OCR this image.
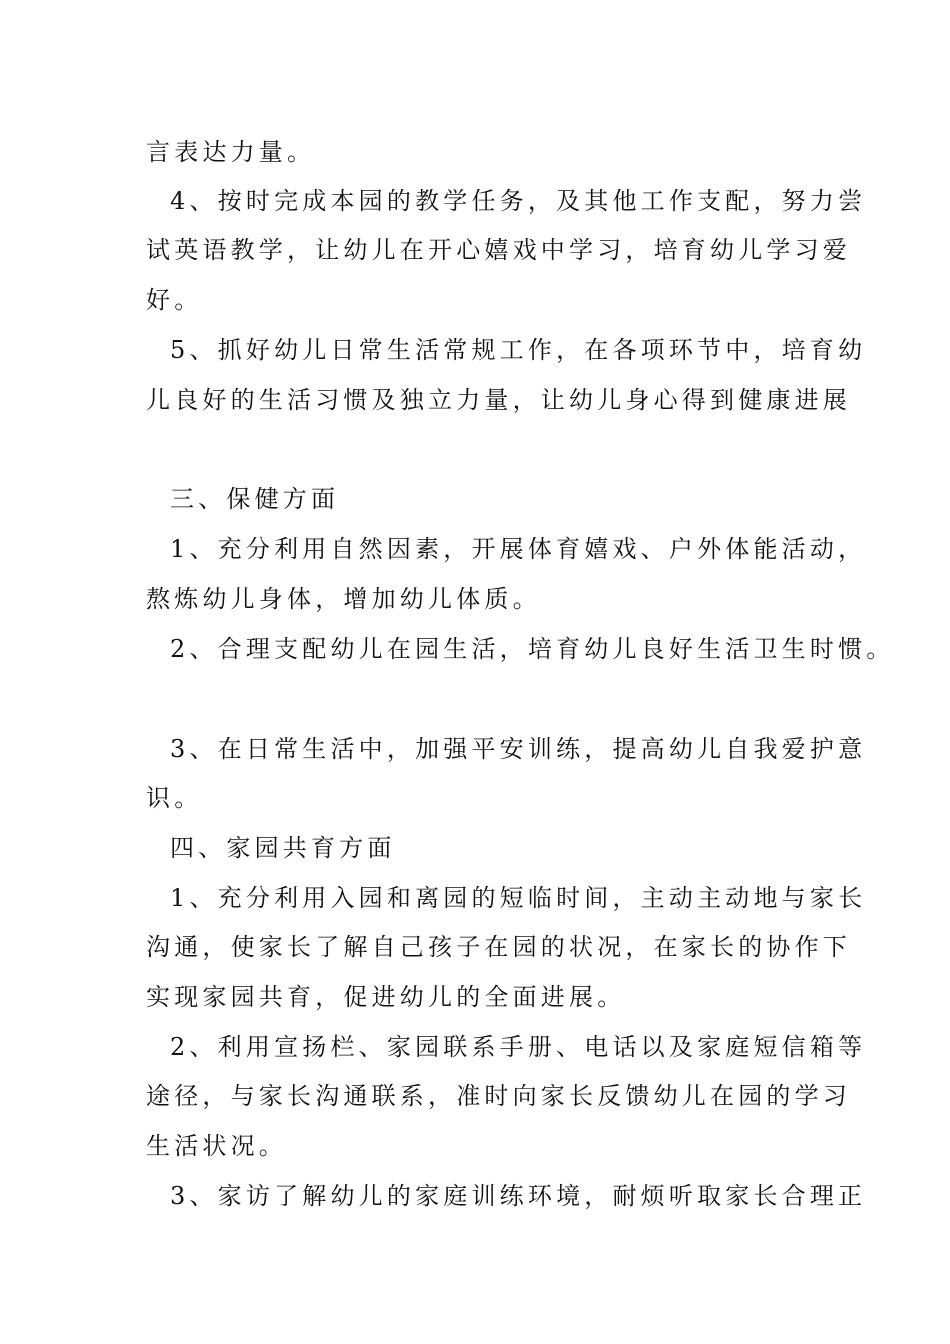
言表达力量。
4、按时完成本园的教学任务，及其他工作支配，努力尝
试英语教学，让幼儿在开心嬉戏中学习，培育幼儿学习爱
好。
5、抓好幼儿日常生活常规工作，在各项环节中，培育幼
儿良好的生活习惯及独立力量，让幼儿身心得到健康进展
三、保健方面
1、充分利用自然因素，开展体育嬉戏、户外体能活动，
熬炼幼儿身体，增加幼儿体质。
2、合理支配幼儿在园生活，培育幼儿良好生活卫生时惯。
3、在日常生活中，加强平安训练，提高幼儿自我爱护意
识。
四、家园共育方面
1、充分利用入园和离园的短临时间，主动主动地与家长
沟通，使家长了解自己孩子在园的状况，在家长的协作下
实现家园共育，促进幼儿的全面进展。
2、利用宣扬栏、家园联系手册、电话以及家庭短信箱等
途径，与家长沟通联系，准时向家长反馈幼儿在园的学习
生活状况。
3、家访了解幼儿的家庭训练环境，耐烦听取家长合理正
